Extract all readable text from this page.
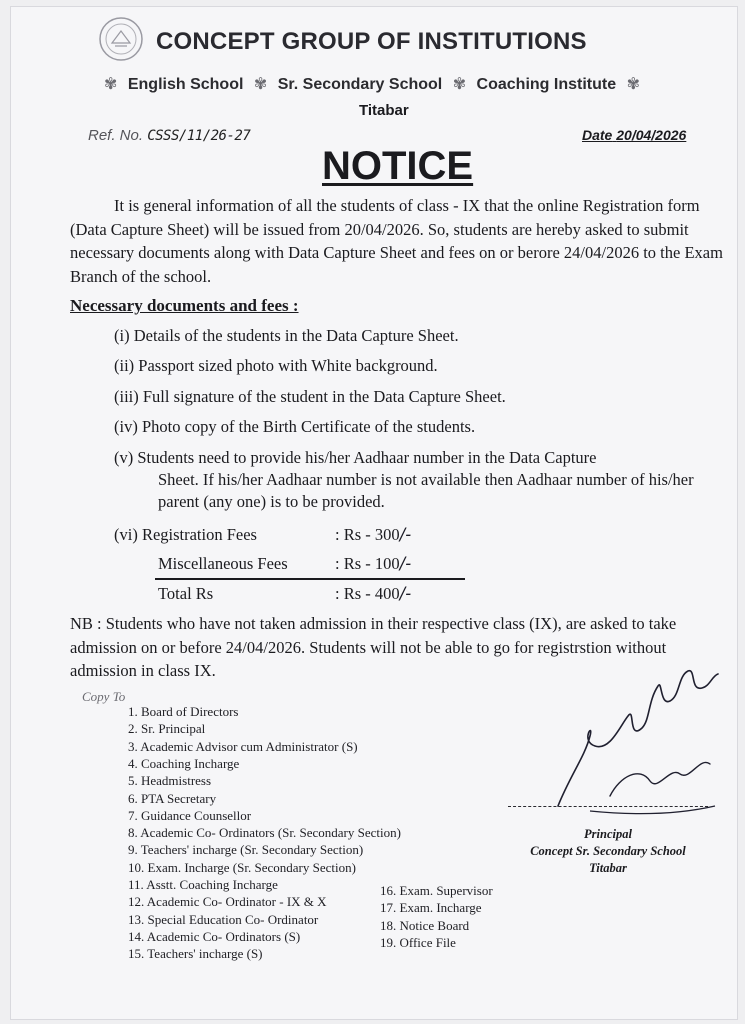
CONCEPT GROUP OF INSTITUTIONS
✾ English School ✾ Sr. Secondary School ✾ Coaching Institute ✾
Titabar
Ref. No. CSSS/11/26-27	Date 20/04/2026
NOTICE
It is general information of all the students of class - IX that the online Registration form (Data Capture Sheet) will be issued from 20/04/2026. So, students are hereby asked to submit necessary documents along with Data Capture Sheet and fees on or berore 24/04/2026 to the Exam Branch of the school.
Necessary documents and fees :
(i) Details of the students in the Data Capture Sheet.
(ii) Passport sized photo with White background.
(iii) Full signature of the student in the Data Capture Sheet.
(iv) Photo copy of the Birth Certificate of the students.
(v) Students need to provide his/her Aadhaar number in the Data Capture
Sheet. If his/her Aadhaar number is not available then Aadhaar number of his/her parent (any one) is to be provided.
(vi) Registration Fees	: Rs - 300/-
Miscellaneous Fees	: Rs - 100/-
Total Rs	: Rs - 400/-
NB : Students who have not taken admission in their respective class (IX), are asked to take admission on or before 24/04/2026. Students will not be able to go for registrstion without admission in class IX.
Copy To
1. Board of Directors
2. Sr. Principal
3. Academic Advisor cum Administrator (S)
4. Coaching Incharge
5. Headmistress
6. PTA Secretary
7. Guidance Counsellor
8. Academic Co- Ordinators (Sr. Secondary Section)
9. Teachers' incharge (Sr. Secondary Section)
10. Exam. Incharge (Sr. Secondary Section)
11. Asstt. Coaching Incharge
12. Academic Co- Ordinator - IX & X
13. Special Education Co- Ordinator
14. Academic Co- Ordinators (S)
15. Teachers' incharge (S)
16. Exam. Supervisor
17. Exam. Incharge
18. Notice Board
19. Office File
Principal
Concept Sr. Secondary School
Titabar
